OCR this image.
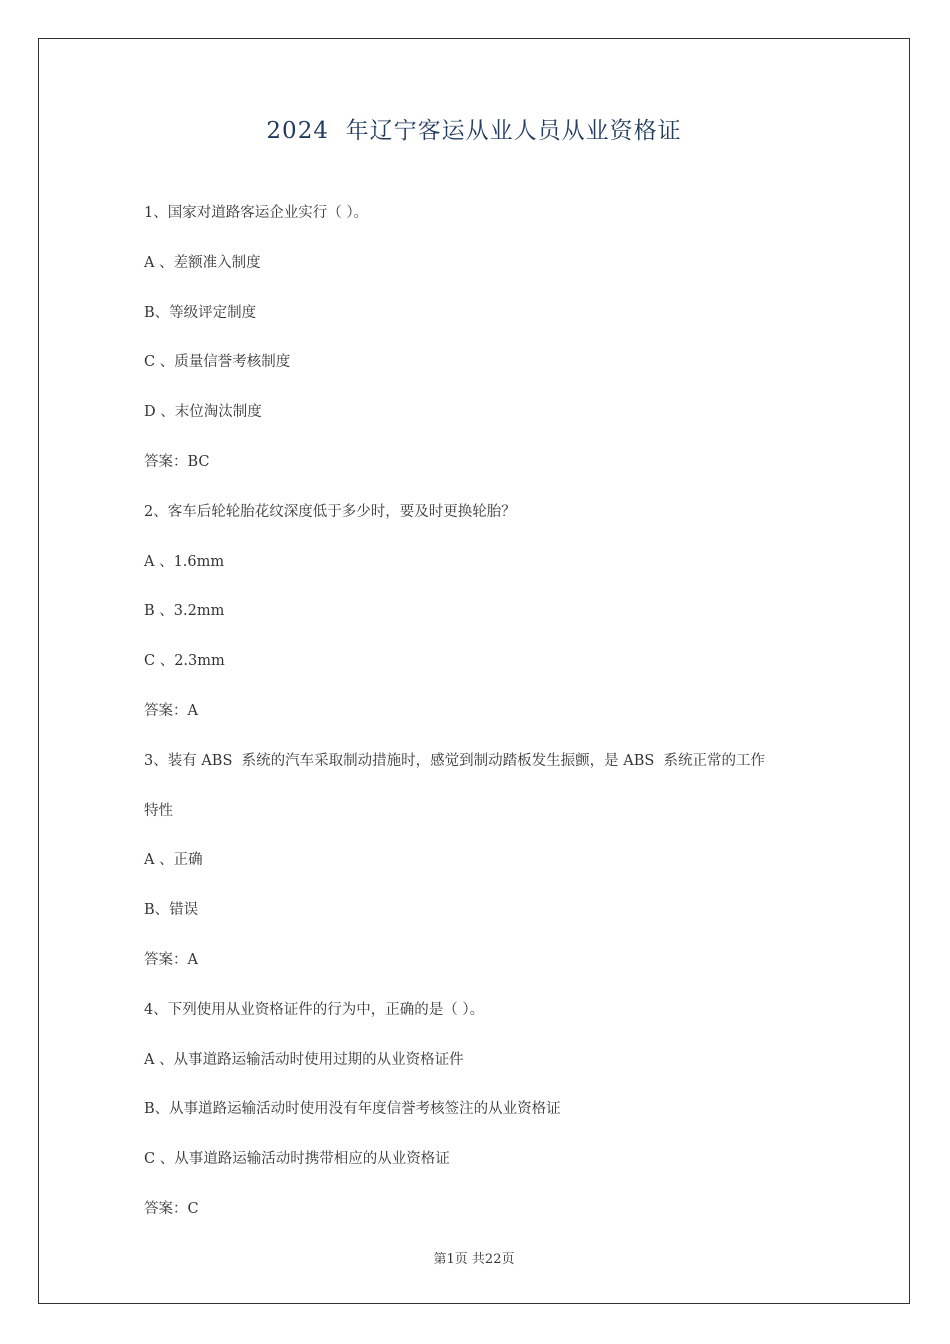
2024  年辽宁客运从业人员从业资格证
1、国家对道路客运企业实行（ ）。
A 、差额准入制度
B、等级评定制度
C 、质量信誉考核制度
D 、末位淘汰制度
答案：BC
2、客车后轮轮胎花纹深度低于多少时，要及时更换轮胎？
A 、1.6mm
B 、3.2mm
C 、2.3mm
答案：A
3、装有 ABS  系统的汽车采取制动措施时，感觉到制动踏板发生振颤，是 ABS  系统正常的工作
特性
A 、正确
B、错误
答案：A
4、下列使用从业资格证件的行为中，正确的是（ ）。
A 、从事道路运输活动时使用过期的从业资格证件
B、从事道路运输活动时使用没有年度信誉考核签注的从业资格证
C 、从事道路运输活动时携带相应的从业资格证
答案：C
第1页 共22页
